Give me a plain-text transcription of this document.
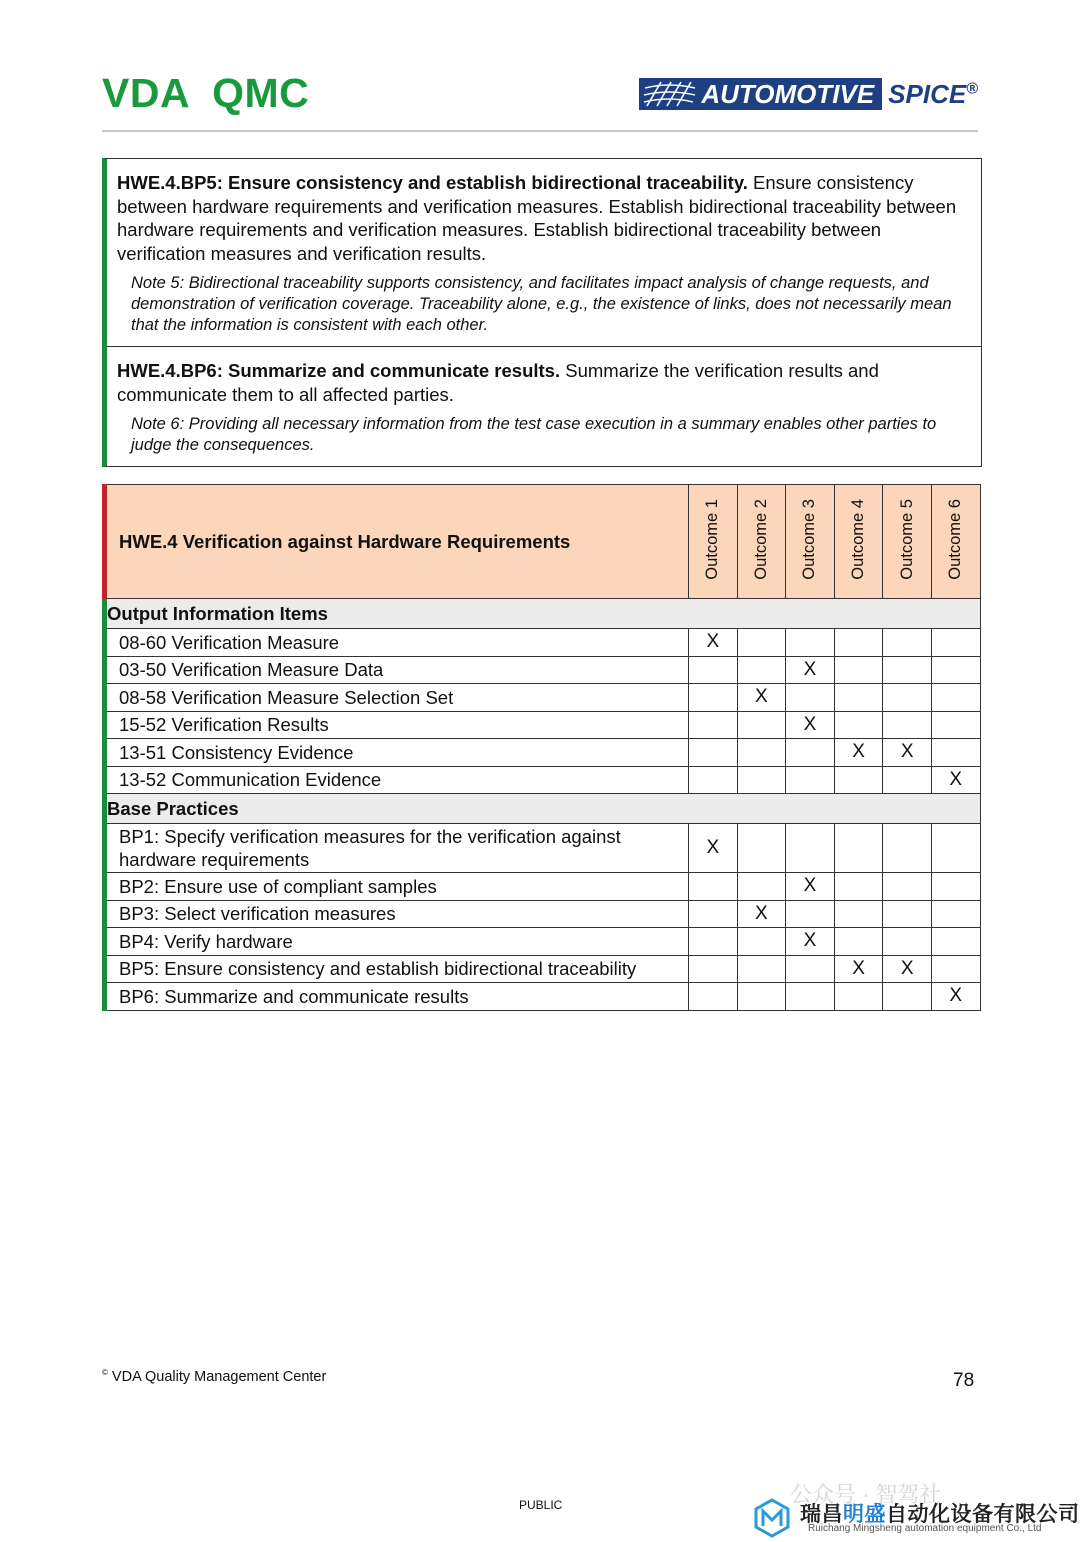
VDA QMC	AUTOMOTIVE SPICE®
HWE.4.BP5: Ensure consistency and establish bidirectional traceability. Ensure consistency between hardware requirements and verification measures. Establish bidirectional traceability between hardware requirements and verification measures. Establish bidirectional traceability between verification measures and verification results.
Note 5: Bidirectional traceability supports consistency, and facilitates impact analysis of change requests, and demonstration of verification coverage. Traceability alone, e.g., the existence of links, does not necessarily mean that the information is consistent with each other.
HWE.4.BP6: Summarize and communicate results. Summarize the verification results and communicate them to all affected parties.
Note 6: Providing all necessary information from the test case execution in a summary enables other parties to judge the consequences.
HWE.4 Verification against Hardware Requirements	Outcome 1	Outcome 2	Outcome 3	Outcome 4	Outcome 5	Outcome 6
Output Information Items						
08-60 Verification Measure	X					
03-50 Verification Measure Data			X			
08-58 Verification Measure Selection Set		X				
15-52 Verification Results			X			
13-51 Consistency Evidence				X	X	
13-52 Communication Evidence						X
Base Practices						
BP1: Specify verification measures for the verification against hardware requirements	X					
BP2: Ensure use of compliant samples			X			
BP3: Select verification measures		X				
BP4: Verify hardware			X			
BP5: Ensure consistency and establish bidirectional traceability				X	X	
BP6: Summarize and communicate results						X
© VDA Quality Management Center	78
PUBLIC	公众号 · 智驾社
瑞昌明盛自动化设备有限公司
Ruichang Mingsheng automation equipment Co., Ltd
